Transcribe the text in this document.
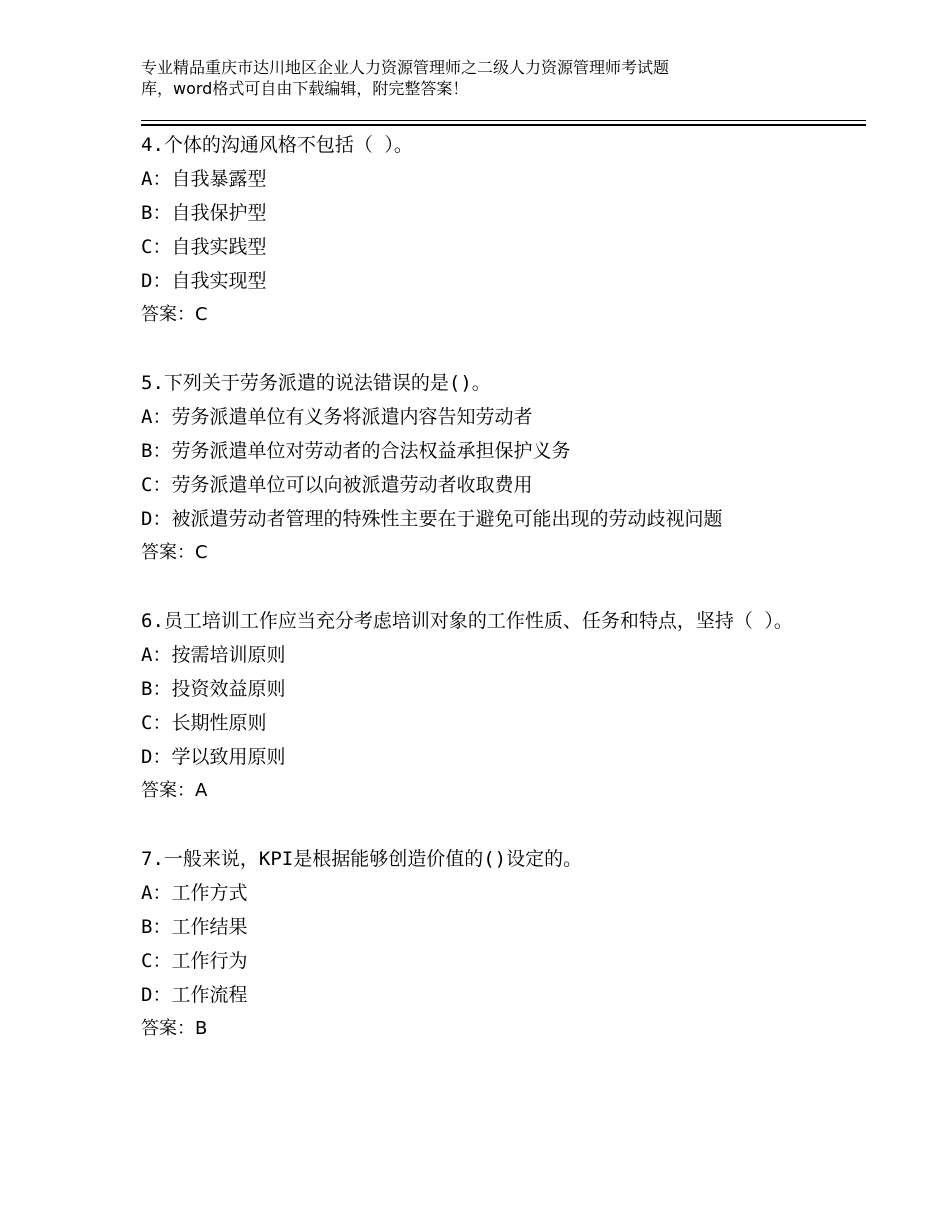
专业精品重庆市达川地区企业人力资源管理师之二级人力资源管理师考试题
库，word格式可自由下载编辑，附完整答案！
4.个体的沟通风格不包括（ ）。
A：自我暴露型
B：自我保护型
C：自我实践型
D：自我实现型
答案：C
5.下列关于劳务派遣的说法错误的是()。
A：劳务派遣单位有义务将派遣内容告知劳动者
B：劳务派遣单位对劳动者的合法权益承担保护义务
C：劳务派遣单位可以向被派遣劳动者收取费用
D：被派遣劳动者管理的特殊性主要在于避免可能出现的劳动歧视问题
答案：C
6.员工培训工作应当充分考虑培训对象的工作性质、任务和特点，坚持（ ）。
A：按需培训原则
B：投资效益原则
C：长期性原则
D：学以致用原则
答案：A
7.一般来说，KPI是根据能够创造价值的()设定的。
A：工作方式
B：工作结果
C：工作行为
D：工作流程
答案：B
